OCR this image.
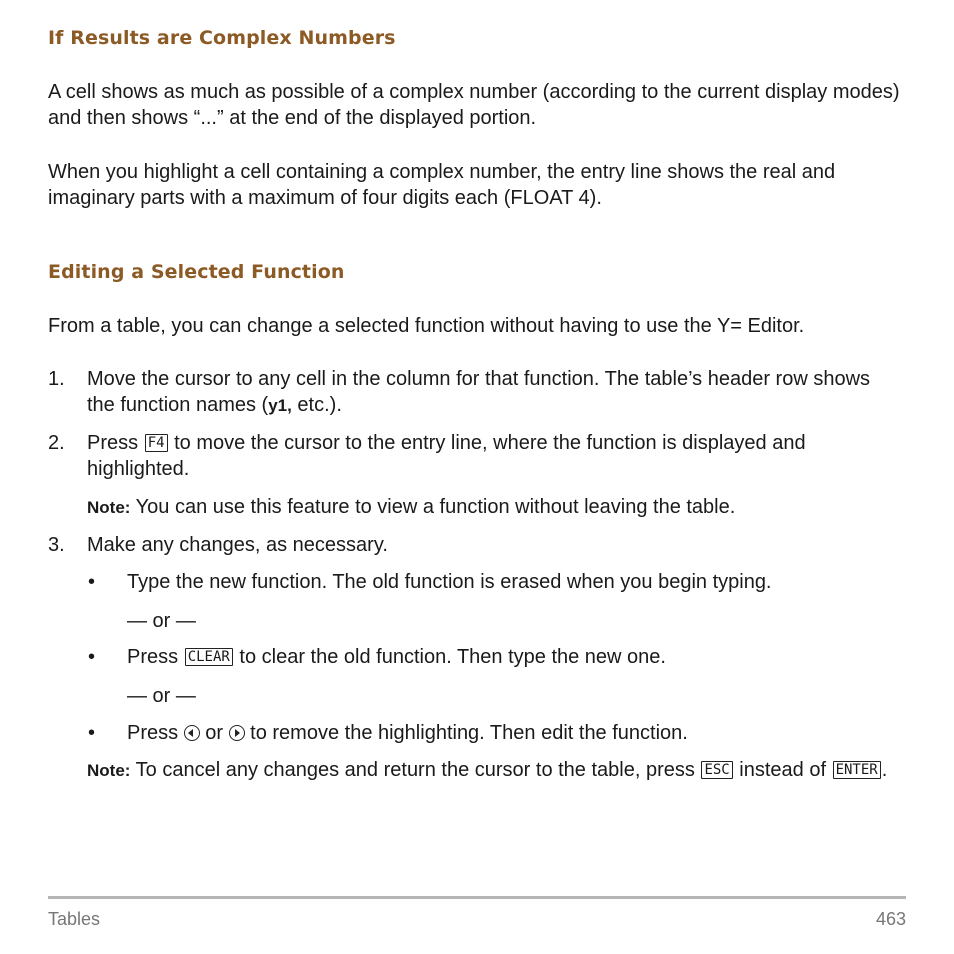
If Results are Complex Numbers

A cell shows as much as possible of a complex number (according to the current display modes) and then shows “...” at the end of the displayed portion.

When you highlight a cell containing a complex number, the entry line shows the real and imaginary parts with a maximum of four digits each (FLOAT 4).

Editing a Selected Function

From a table, you can change a selected function without having to use the Y= Editor.

1. Move the cursor to any cell in the column for that function. The table’s header row shows the function names (y1, etc.).

2. Press F4 to move the cursor to the entry line, where the function is displayed and highlighted.

Note: You can use this feature to view a function without leaving the table.

3. Make any changes, as necessary.

• Type the new function. The old function is erased when you begin typing.

— or —

• Press CLEAR to clear the old function. Then type the new one.

— or —

• Press  or  to remove the highlighting. Then edit the function.

Note: To cancel any changes and return the cursor to the table, press ESC instead of ENTER .

Tables	463
